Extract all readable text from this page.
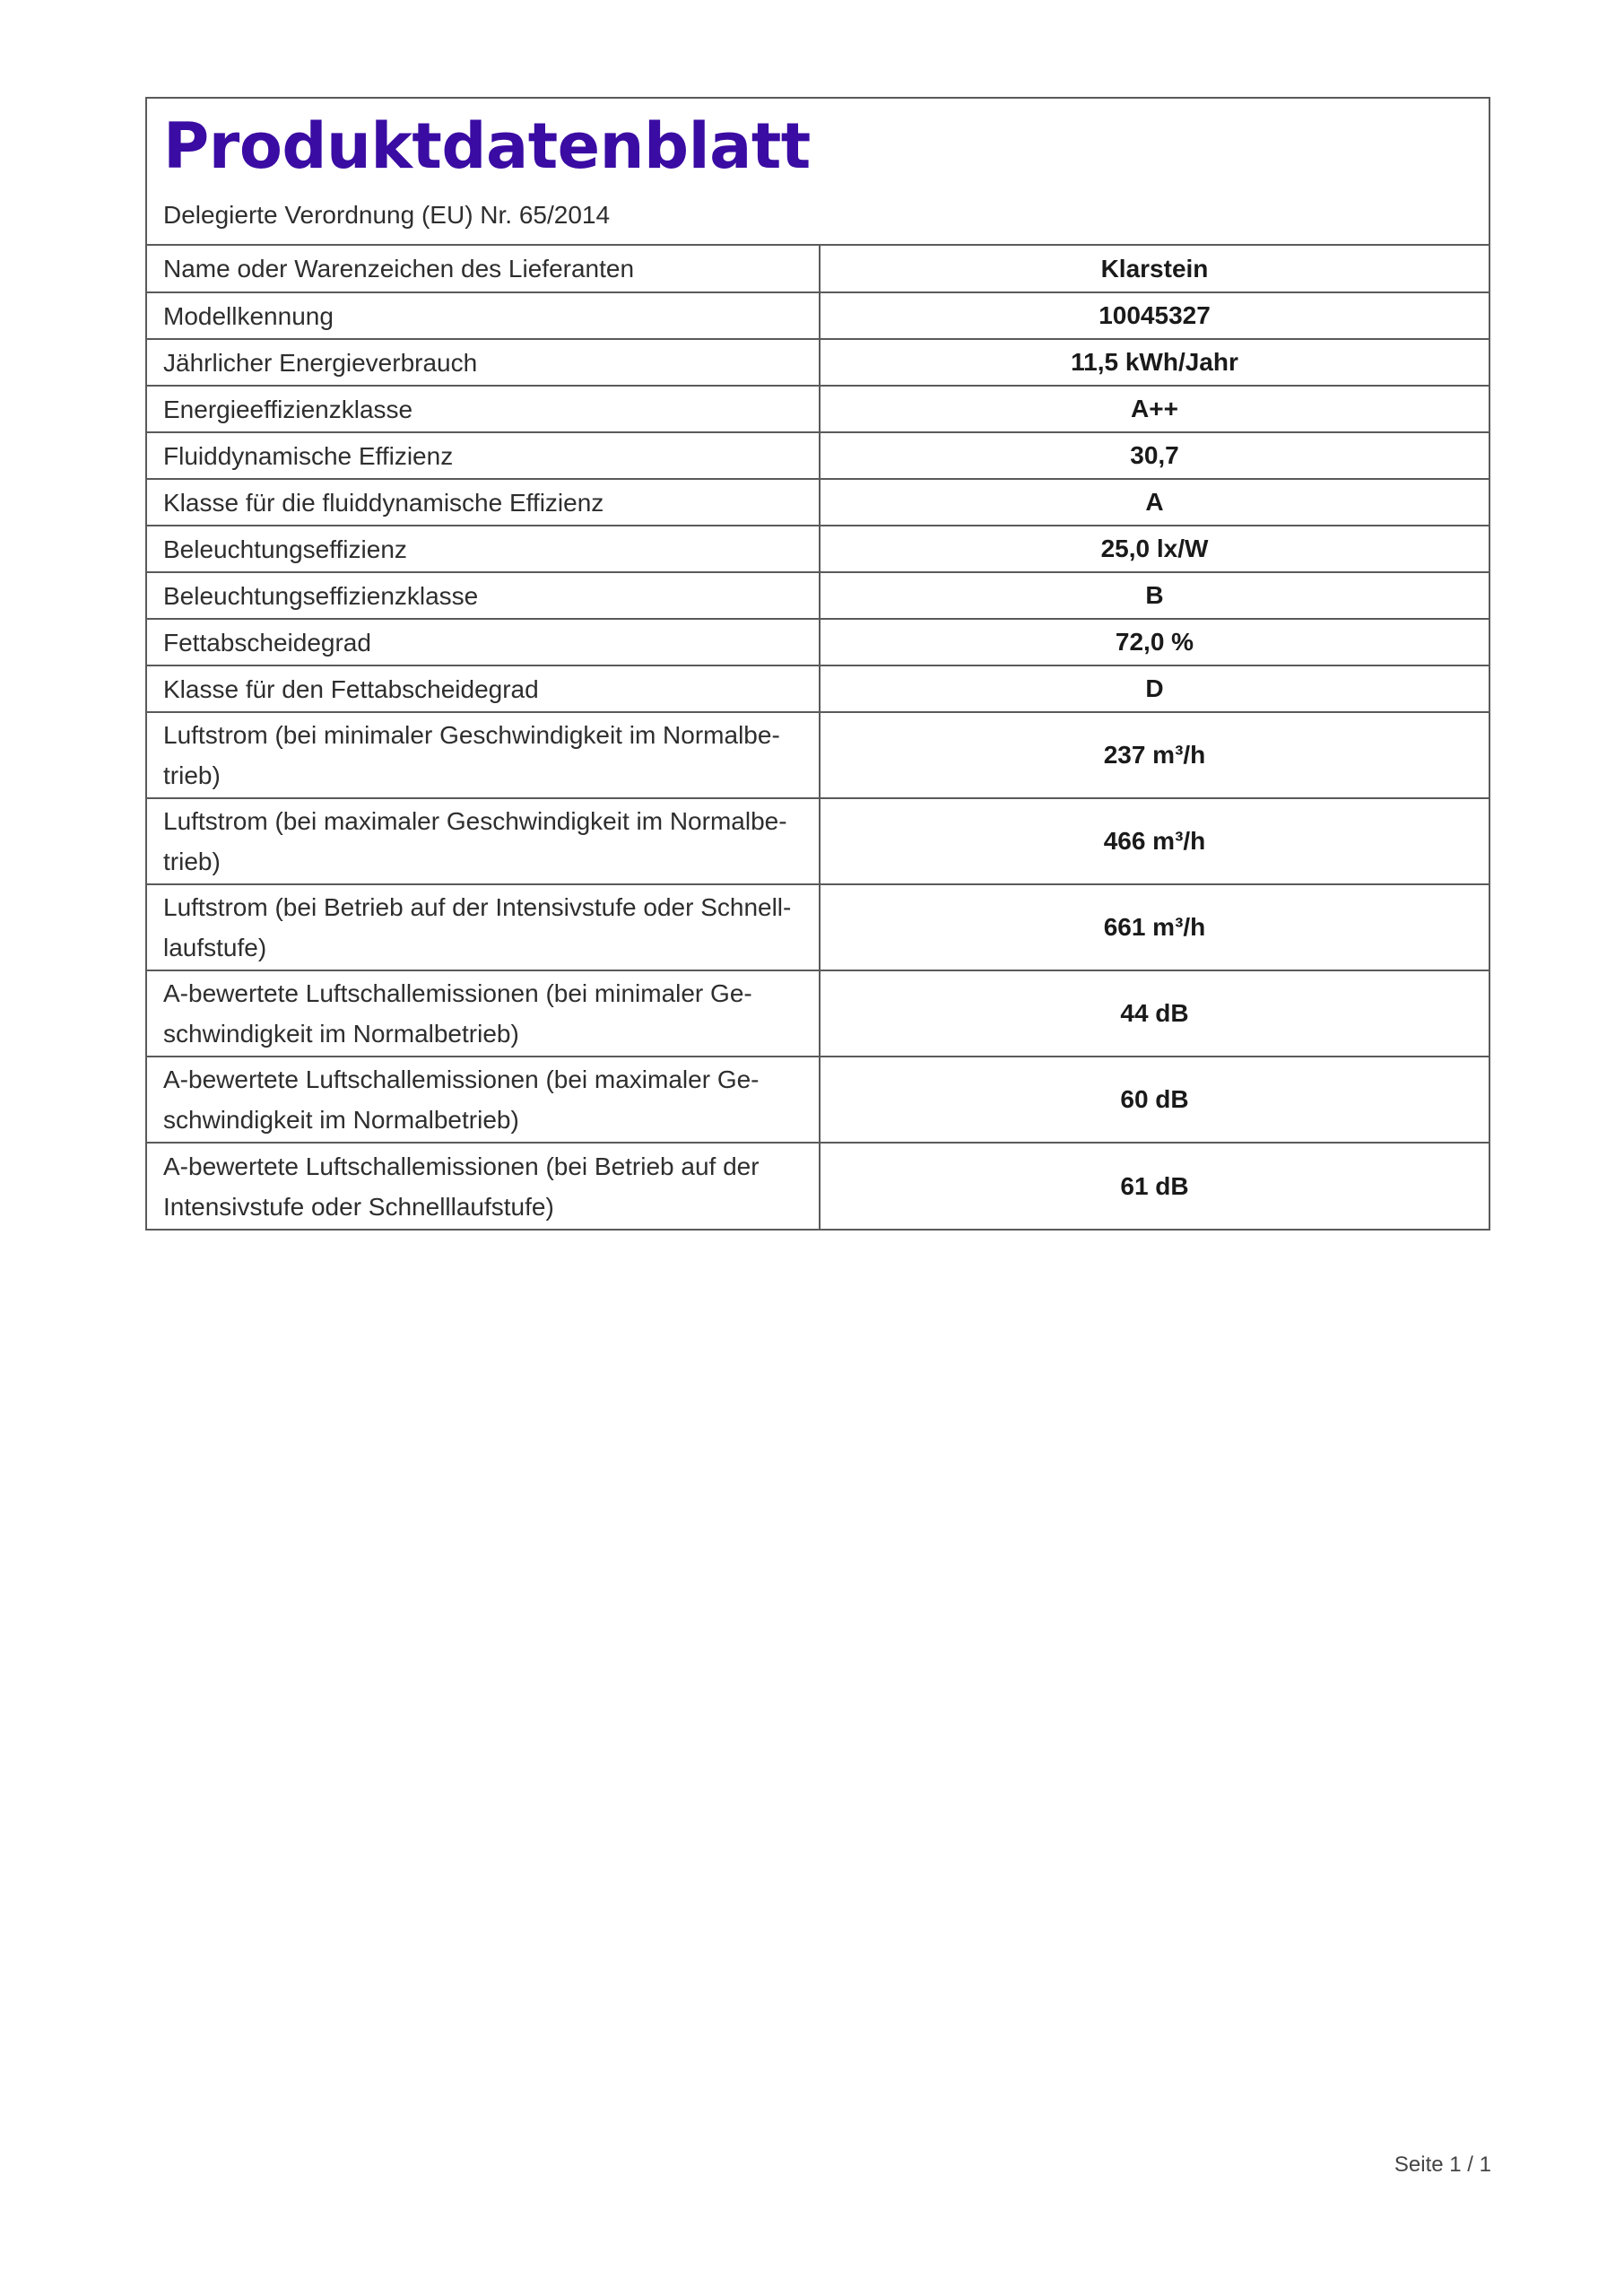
Produktdatenblatt
Delegierte Verordnung (EU) Nr. 65/2014
Name oder Warenzeichen des Lieferanten	Klarstein

Modellkennung	10045327

Jährlicher Energieverbrauch	11,5 kWh/Jahr

Energieeffizienzklasse	A++

Fluiddynamische Effizienz	30,7

Klasse für die fluiddynamische Effizienz	A

Beleuchtungseffizienz	25,0 lx/W

Beleuchtungseffizienzklasse	B

Fettabscheidegrad	72,0 %

Klasse für den Fettabscheidegrad	D

Luftstrom (bei minimaler Geschwindigkeit im Normalbe-
trieb)	237 m³/h

Luftstrom (bei maximaler Geschwindigkeit im Normalbe-
trieb)	466 m³/h

Luftstrom (bei Betrieb auf der Intensivstufe oder Schnell-
laufstufe)	661 m³/h

A-bewertete Luftschallemissionen (bei minimaler Ge-
schwindigkeit im Normalbetrieb)	44 dB

A-bewertete Luftschallemissionen (bei maximaler Ge-
schwindigkeit im Normalbetrieb)	60 dB

A-bewertete Luftschallemissionen (bei Betrieb auf der
Intensivstufe oder Schnelllaufstufe)	61 dB
Seite 1 / 1
